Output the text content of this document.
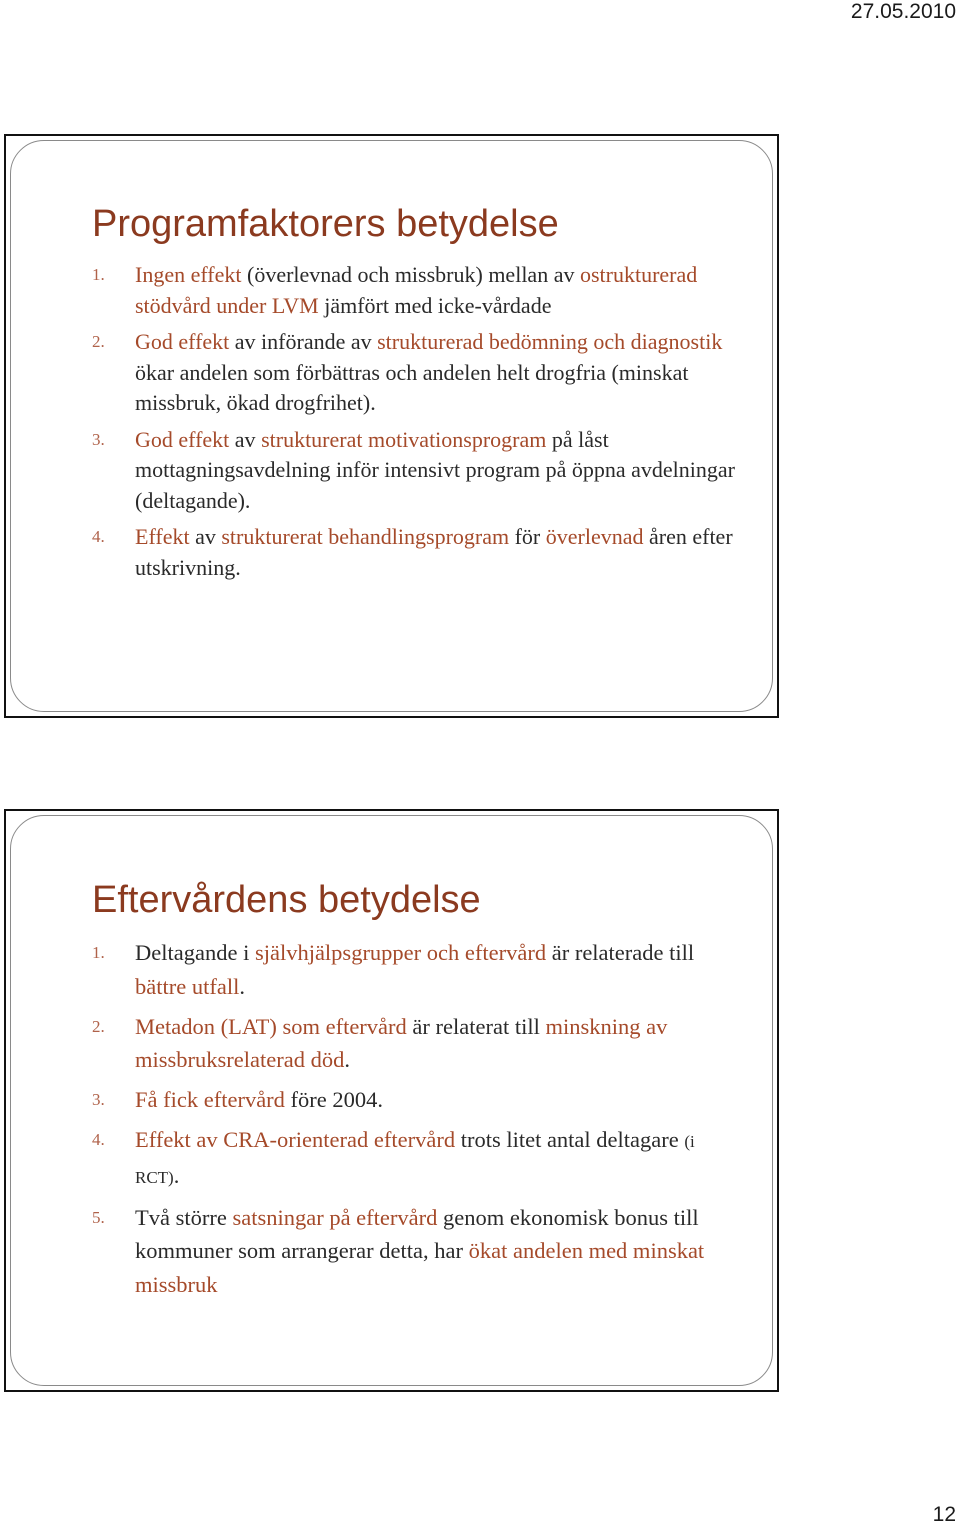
27.05.2010
Programfaktorers betydelse
1. Ingen effekt (överlevnad och missbruk) mellan av ostrukturerad stödvård under LVM jämfört med icke-vårdade
2. God effekt av införande av strukturerad bedömning och diagnostik ökar andelen som förbättras och andelen helt drogfria (minskat missbruk, ökad drogfrihet).
3. God effekt av strukturerat motivationsprogram på låst mottagningsavdelning inför intensivt program på öppna avdelningar (deltagande).
4. Effekt av strukturerat behandlingsprogram för överlevnad åren efter utskrivning.
Eftervårdens betydelse
1. Deltagande i självhjälpsgrupper och eftervård är relaterade till bättre utfall.
2. Metadon (LAT) som eftervård är relaterat till minskning av missbruksrelaterad död.
3. Få fick eftervård före 2004.
4. Effekt av CRA-orienterad eftervård trots litet antal deltagare (i RCT).
5. Två större satsningar på eftervård genom ekonomisk bonus till kommuner som arrangerar detta, har ökat andelen med minskat missbruk
12
